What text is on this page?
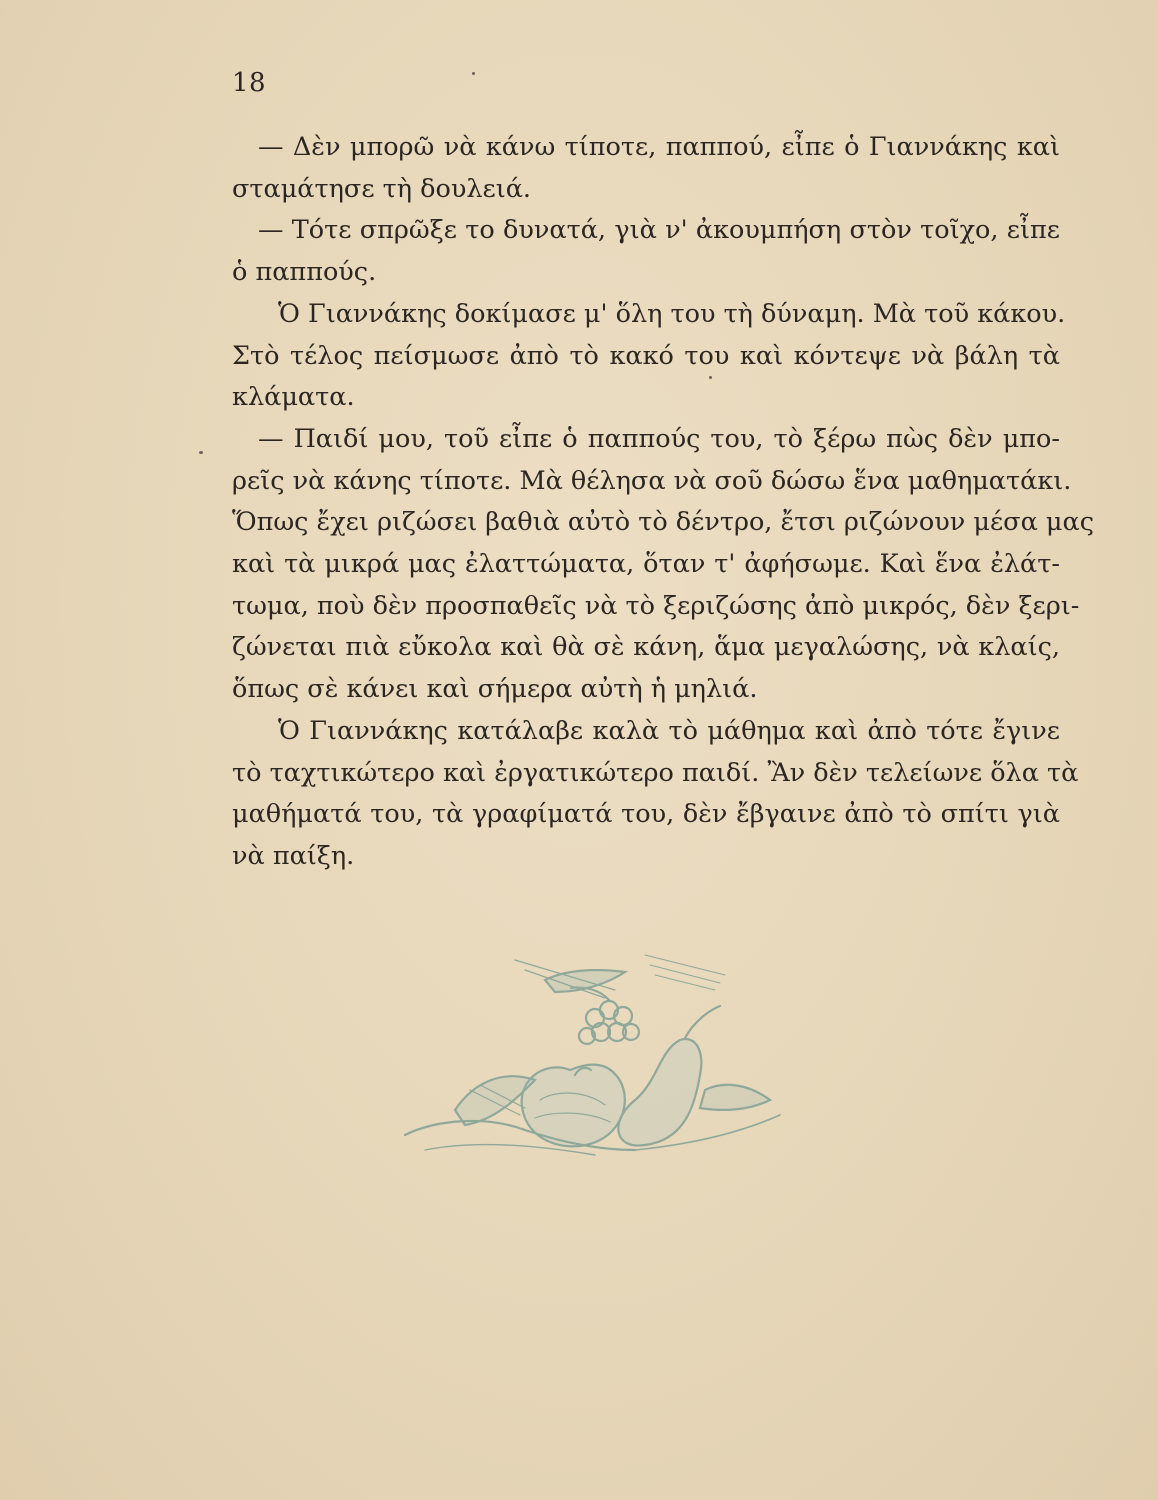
18
— Δὲν μπορῶ νὰ κάνω τίποτε, παππού, εἶπε ὁ Γιαννάκης καὶ
σταμάτησε τὴ δουλειά.
— Τότε σπρῶξε το δυνατά, γιὰ ν' ἀκουμπήση στὸν τοῖχο, εἶπε
ὁ παππούς.
Ὁ Γιαννάκης δοκίμασε μ' ὅλη του τὴ δύναμη. Μὰ τοῦ κάκου.
Στὸ τέλος πείσμωσε ἀπὸ τὸ κακό του καὶ κόντεψε νὰ βάλη τὰ
κλάματα.
— Παιδί μου, τοῦ εἶπε ὁ παππούς του, τὸ ξέρω πὼς δὲν μπο-
ρεῖς νὰ κάνης τίποτε. Μὰ θέλησα νὰ σοῦ δώσω ἕνα μαθηματάκι.
Ὅπως ἔχει ριζώσει βαθιὰ αὐτὸ τὸ δέντρο, ἔτσι ριζώνουν μέσα μας
καὶ τὰ μικρά μας ἐλαττώματα, ὅταν τ' ἀφήσωμε. Καὶ ἕνα ἐλάτ-
τωμα, ποὺ δὲν προσπαθεῖς νὰ τὸ ξεριζώσης ἀπὸ μικρός, δὲν ξερι-
ζώνεται πιὰ εὔκολα καὶ θὰ σὲ κάνη, ἅμα μεγαλώσης, νὰ κλαίς,
ὅπως σὲ κάνει καὶ σήμερα αὐτὴ ἡ μηλιά.
Ὁ Γιαννάκης κατάλαβε καλὰ τὸ μάθημα καὶ ἀπὸ τότε ἔγινε
τὸ ταχτικώτερο καὶ ἐργατικώτερο παιδί. Ἂν δὲν τελείωνε ὅλα τὰ
μαθήματά του, τὰ γραφίματά του, δὲν ἔβγαινε ἀπὸ τὸ σπίτι γιὰ
νὰ παίξη.
